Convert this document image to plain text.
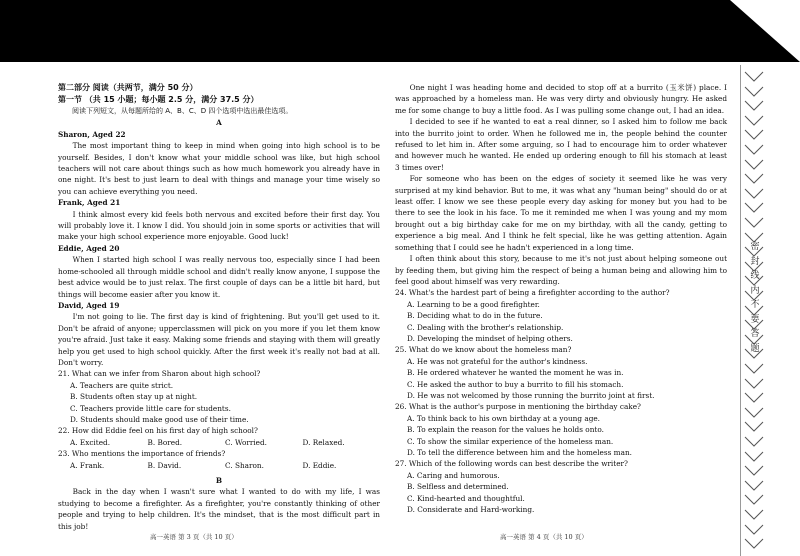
第二部分 阅读（共两节，满分 50 分）
第一节 （共 15 小题；每小题 2.5 分，满分 37.5 分）

阅读下列短文，从每题所给的 A、B、C、D 四个选项中选出最佳选项。

A
Sharon, Aged 22

The most important thing to keep in mind when going into high school is to be yourself. Besides, I don't know what your middle school was like, but high school teachers will not care about things such as how much homework you already have in one night. It's best to just learn to deal with things and manage your time wisely so you can achieve everything you need.

Frank, Aged 21

I think almost every kid feels both nervous and excited before their first day. You will probably love it. I know I did. You should join in some sports or activities that will make your high school experience more enjoyable. Good luck!

Eddie, Aged 20

When I started high school I was really nervous too, especially since I had been home-schooled all through middle school and didn't really know anyone, I suppose the best advice would be to just relax. The first couple of days can be a little bit hard, but things will become easier after you know it.

David, Aged 19

I'm not going to lie. The first day is kind of frightening. But you'll get used to it. Don't be afraid of anyone; upperclassmen will pick on you more if you let them know you're afraid. Just take it easy. Making some friends and staying with them will greatly help you get used to high school quickly. After the first week it's really not bad at all. Don't worry.

21. What can we infer from Sharon about high school?

A. Teachers are quite strict.

B. Students often stay up at night.

C. Teachers provide little care for students.

D. Students should make good use of their time.

22. How did Eddie feel on his first day of high school?

A. Excited.	B. Bored.	C. Worried.	D. Relaxed.

23. Who mentions the importance of friends?

A. Frank.	B. David.	C. Sharon.	D. Eddie.
B

Back in the day when I wasn't sure what I wanted to do with my life, I was studying to become a firefighter. As a firefighter, you're constantly thinking of other people and trying to help children. It's the mindset, that is the most difficult part in this job!

One night I was heading home and decided to stop off at a burrito (玉米饼) place. I was approached by a homeless man. He was very dirty and obviously hungry. He asked me for some change to buy a little food. As I was pulling some change out, I had an idea.

I decided to see if he wanted to eat a real dinner, so I asked him to follow me back into the burrito joint to order. When he followed me in, the people behind the counter refused to let him in. After some arguing, so I had to encourage him to order whatever and however much he wanted. He ended up ordering enough to fill his stomach at least 3 times over!

For someone who has been on the edges of society it seemed like he was very surprised at my kind behavior. But to me, it was what any "human being" should do or at least offer. I know we see these people every day asking for money but you had to be there to see the look in his face. To me it reminded me when I was young and my mom brought out a big birthday cake for me on my birthday, with all the candy, getting to experience a big meal. And I think he felt special, like he was getting attention. Again something that I could see he hadn't experienced in a long time.

I often think about this story, because to me it's not just about helping someone out by feeding them, but giving him the respect of being a human being and allowing him to feel good about himself was very rewarding.

24. What's the hardest part of being a firefighter according to the author?

A. Learning to be a good firefighter.

B. Deciding what to do in the future.

C. Dealing with the brother's relationship.

D. Developing the mindset of helping others.

25. What do we know about the homeless man?

A. He was not grateful for the author's kindness.

B. He ordered whatever he wanted the moment he was in.

C. He asked the author to buy a burrito to fill his stomach.

D. He was not welcomed by those running the burrito joint at first.

26. What is the author's purpose in mentioning the birthday cake?

A. To think back to his own birthday at a young age.

B. To explain the reason for the values he holds onto.

C. To show the similar experience of the homeless man.

D. To tell the difference between him and the homeless man.

27. Which of the following words can best describe the writer?

A. Caring and humorous.

B. Selfless and determined.

C. Kind-hearted and thoughtful.

D. Considerate and Hard-working.

高一英语 第 3 页（共 10 页）	高一英语 第 4 页（共 10 页）
密封线内不要答题
